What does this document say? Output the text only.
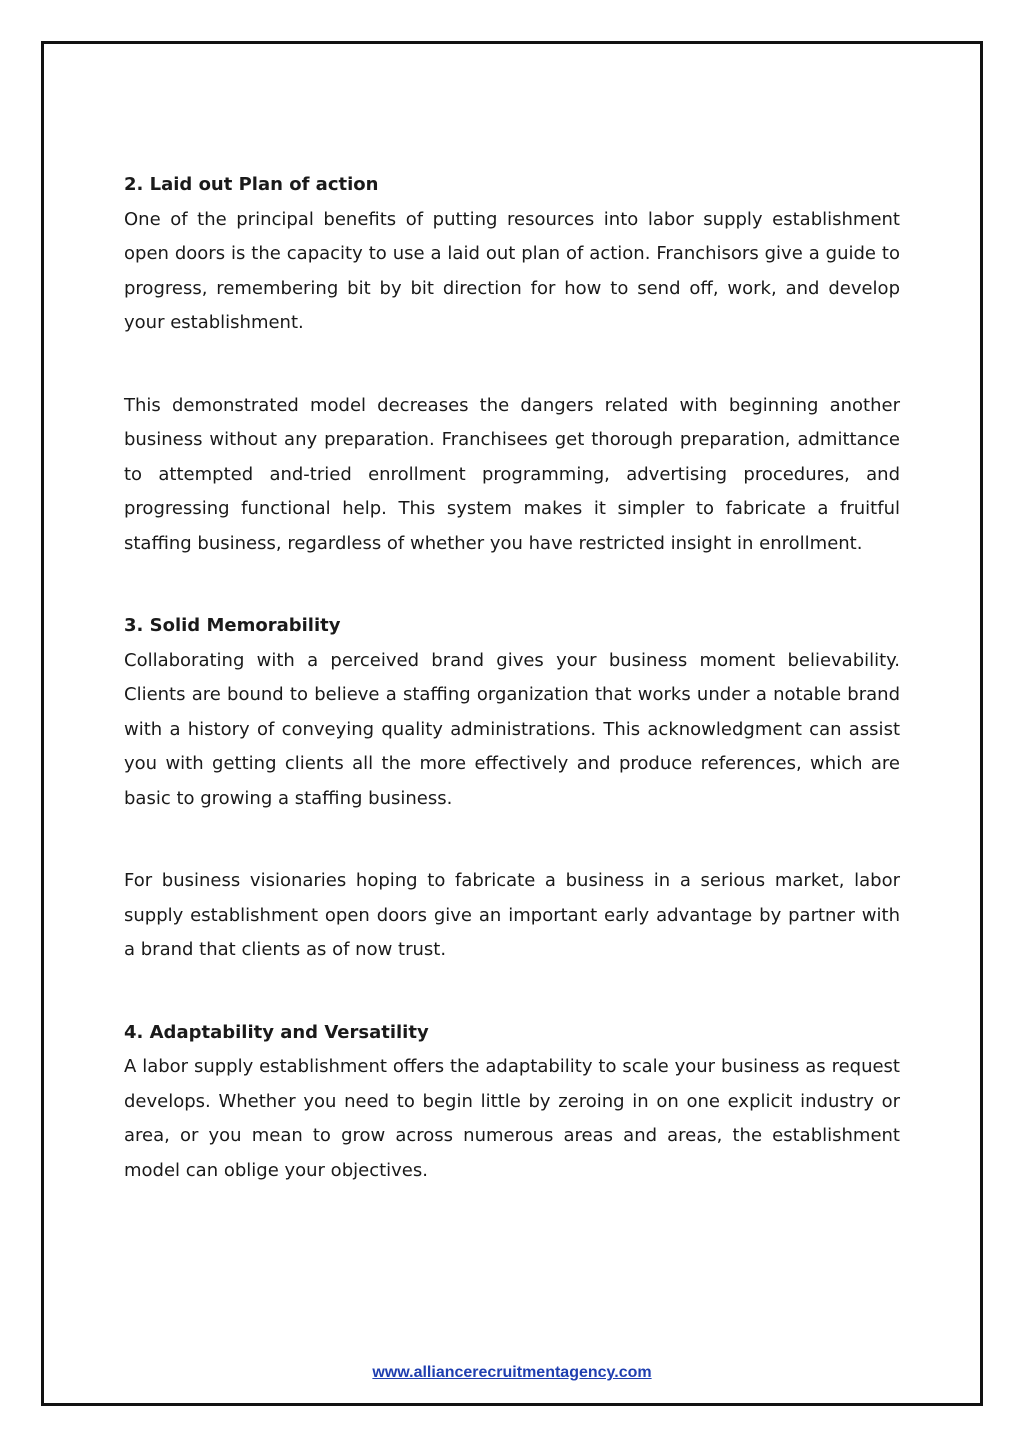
2. Laid out Plan of action

One of the principal benefits of putting resources into labor supply establishment open doors is the capacity to use a laid out plan of action. Franchisors give a guide to progress, remembering bit by bit direction for how to send off, work, and develop your establishment.

This demonstrated model decreases the dangers related with beginning another business without any preparation. Franchisees get thorough preparation, admittance to attempted and-tried enrollment programming, advertising procedures, and progressing functional help. This system makes it simpler to fabricate a fruitful staffing business, regardless of whether you have restricted insight in enrollment.

3. Solid Memorability

Collaborating with a perceived brand gives your business moment believability. Clients are bound to believe a staffing organization that works under a notable brand with a history of conveying quality administrations. This acknowledgment can assist you with getting clients all the more effectively and produce references, which are basic to growing a staffing business.

For business visionaries hoping to fabricate a business in a serious market, labor supply establishment open doors give an important early advantage by partner with a brand that clients as of now trust.

4. Adaptability and Versatility

A labor supply establishment offers the adaptability to scale your business as request develops. Whether you need to begin little by zeroing in on one explicit industry or area, or you mean to grow across numerous areas and areas, the establishment model can oblige your objectives.

www.alliancerecruitmentagency.com
